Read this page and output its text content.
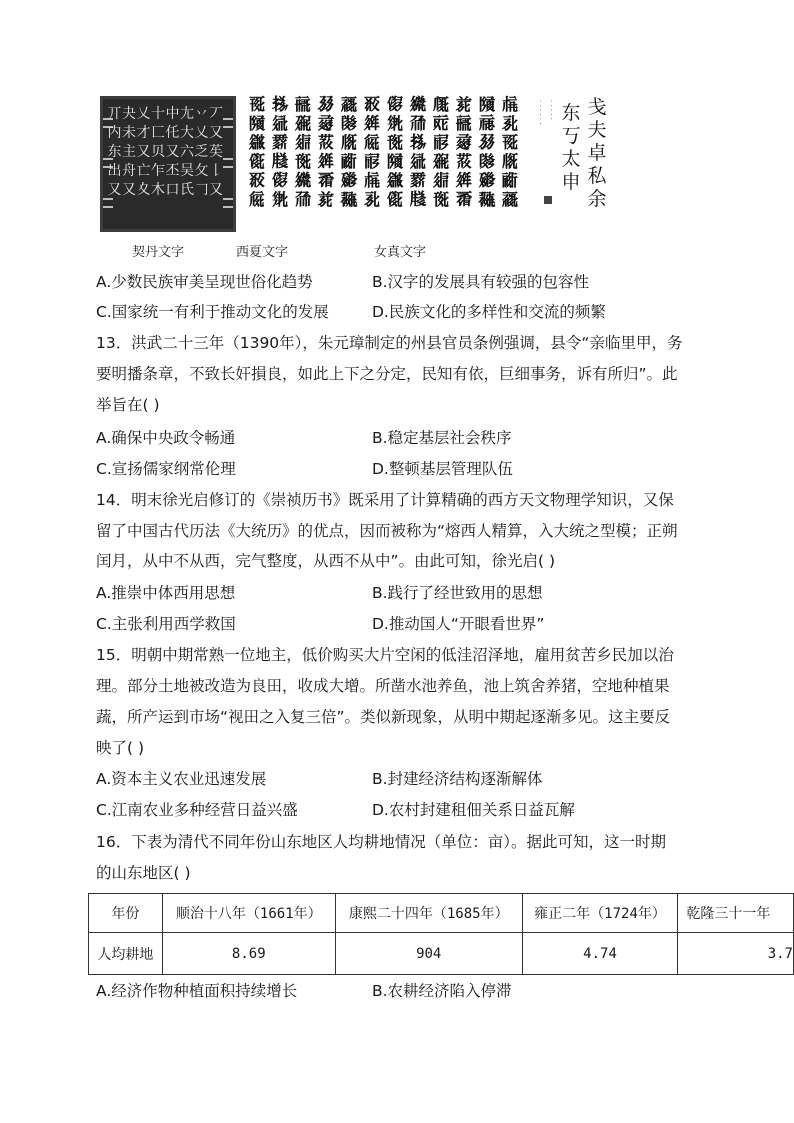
丆
又
苵
𠄌
又
丷
乂
乏
攵
𠃌
尢
大
六
吴
氏
中
仛
又
丕
口
十
匸
贝
乍
木
乂
才
又
亡
夊
夬
未
主
舟
又
丌
内
东
出
又
𗍫
𗎘
𗀔
𗅋
𗠁
𗹙
𗂧
𗄊
𗉋
𗂆
𗡪
𗖵
𗐱
𗟫
𗇫
𗚛
𗤶
𗀓
𗅲
𗠇
𗟲
𗘂
𗤋
𗍊
𗫨
𗗙
𗈪
𗣼
𗴿
𗹦
𗃮
𗊢
𗍊
𗂧
𗫡
𗃭
𗀗
𗤶
𗏁
𗟲
𗍫
𗎘
𗹙
𗂆
𗅋
𗠁
𗡪
𗖵
𗉋
𗇫
𗚛
𗤶
𗀓
𗐱
𗟫
𗘂
𗤋
𗍊
𗫨
𗗙
𗈪
𗣼
𗴿
𗹦
𗃮
𗊢
𗀔
𗂧
𗫡
𗃭
𗀗
𗏁
· · · · · · · · · · · 东
丂
太
申
戋
夫
卓
私
余
契丹文字	西夏文字	女真文字
A.少数民族审美呈现世俗化趋势	B.汉字的发展具有较强的包容性
C.国家统一有利于推动文化的发展	D.民族文化的多样性和交流的频繁
13．洪武二十三年（1390年），朱元璋制定的州县官员条例强调，县令“亲临里甲，务
要明播条章，不致长奸損良，如此上下之分定，民知有依，巨细事务，诉有所归”。此
举旨在( )
A.确保中央政令畅通	B.稳定基层社会秩序
C.宣扬儒家纲常伦理	D.整顿基层管理队伍
14．明末徐光启修订的《崇祯历书》既采用了计算精确的西方天文物理学知识，又保
留了中国古代历法《大统历》的优点，因而被称为“熔西人精算，入大统之型模；正朔
闰月，从中不从西，完气整度，从西不从中”。由此可知，徐光启( )
A.推崇中体西用思想	B.践行了经世致用的思想
C.主张利用西学救国	D.推动国人“开眼看世界”
15．明朝中期常熟一位地主，低价购买大片空闲的低洼沼泽地，雇用贫苦乡民加以治
理。部分土地被改造为良田，收成大增。所凿水池养鱼，池上筑舍养猪，空地种植果
蔬，所产运到市场“视田之入复三倍”。类似新现象，从明中期起逐渐多见。这主要反
映了( )
A.资本主义农业迅速发展	B.封建经济结构逐渐解体
C.江南农业多种经营日益兴盛	D.农村封建租佃关系日益瓦解
16．下表为清代不同年份山东地区人均耕地情况（单位：亩）。据此可知，这一时期
的山东地区( )
年份	顺治十八年（1661年）	康熙二十四年（1685年）	雍正二年（1724年）	乾隆三十一年
人均耕地	8.69	904	4.74	3.7
A.经济作物种植面积持续增长	B.农耕经济陷入停滞
